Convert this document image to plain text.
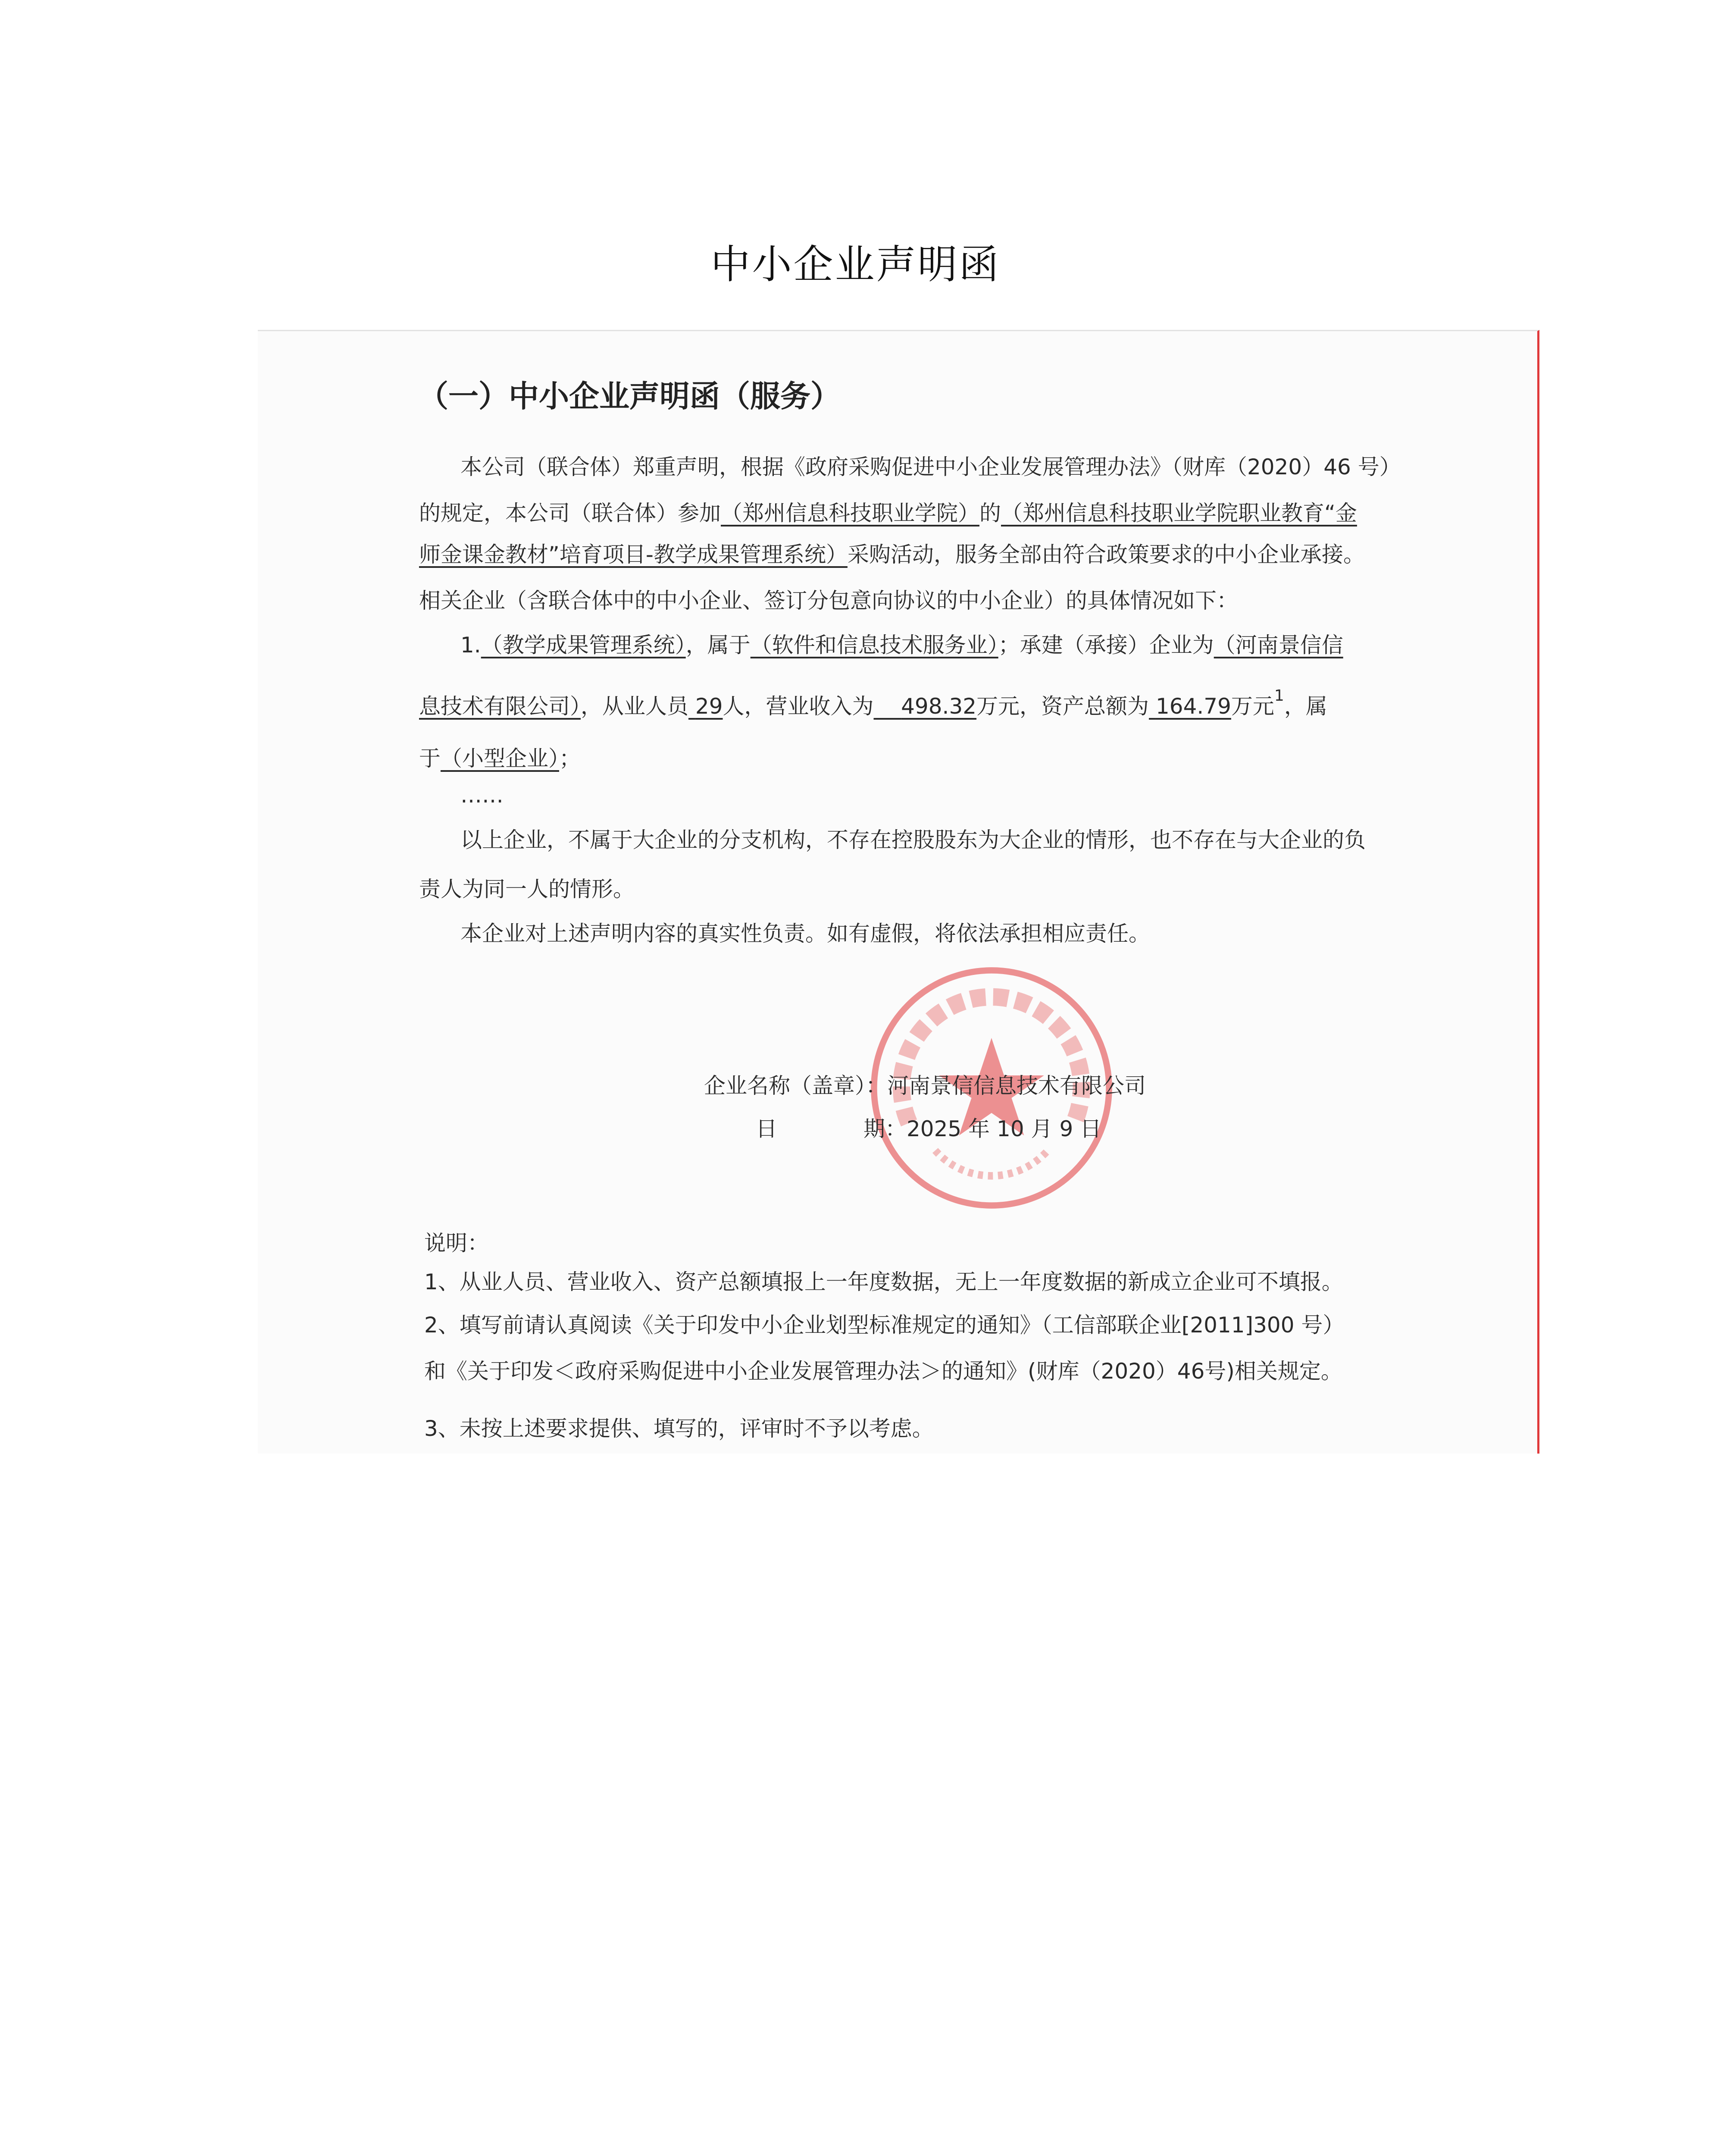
中小企业声明函
（一）中小企业声明函（服务）
本公司（联合体）郑重声明，根据《政府采购促进中小企业发展管理办法》（财库（2020）46 号）
的规定，本公司（联合体）参加（郑州信息科技职业学院）的（郑州信息科技职业学院职业教育“金
师金课金教材”培育项目-教学成果管理系统）采购活动，服务全部由符合政策要求的中小企业承接。
相关企业（含联合体中的中小企业、签订分包意向协议的中小企业）的具体情况如下：
1.（教学成果管理系统），属于（软件和信息技术服务业）；承建（承接）企业为（河南景信信
息技术有限公司），从业人员 29人，营业收入为 498.32万元，资产总额为 164.79万元$^1$，属
于（小型企业）；
……
以上企业，不属于大企业的分支机构，不存在控股股东为大企业的情形，也不存在与大企业的负
责人为同一人的情形。
本企业对上述声明内容的真实性负责。如有虚假，将依法承担相应责任。
企业名称（盖章）：河南景信信息技术有限公司
日	期：2025 年 10 月 9 日
说明：
1、从业人员、营业收入、资产总额填报上一年度数据，无上一年度数据的新成立企业可不填报。
2、填写前请认真阅读《关于印发中小企业划型标准规定的通知》（工信部联企业[2011]300 号）
和《关于印发＜政府采购促进中小企业发展管理办法＞的通知》(财库（2020）46号)相关规定。
3、未按上述要求提供、填写的，评审时不予以考虑。
